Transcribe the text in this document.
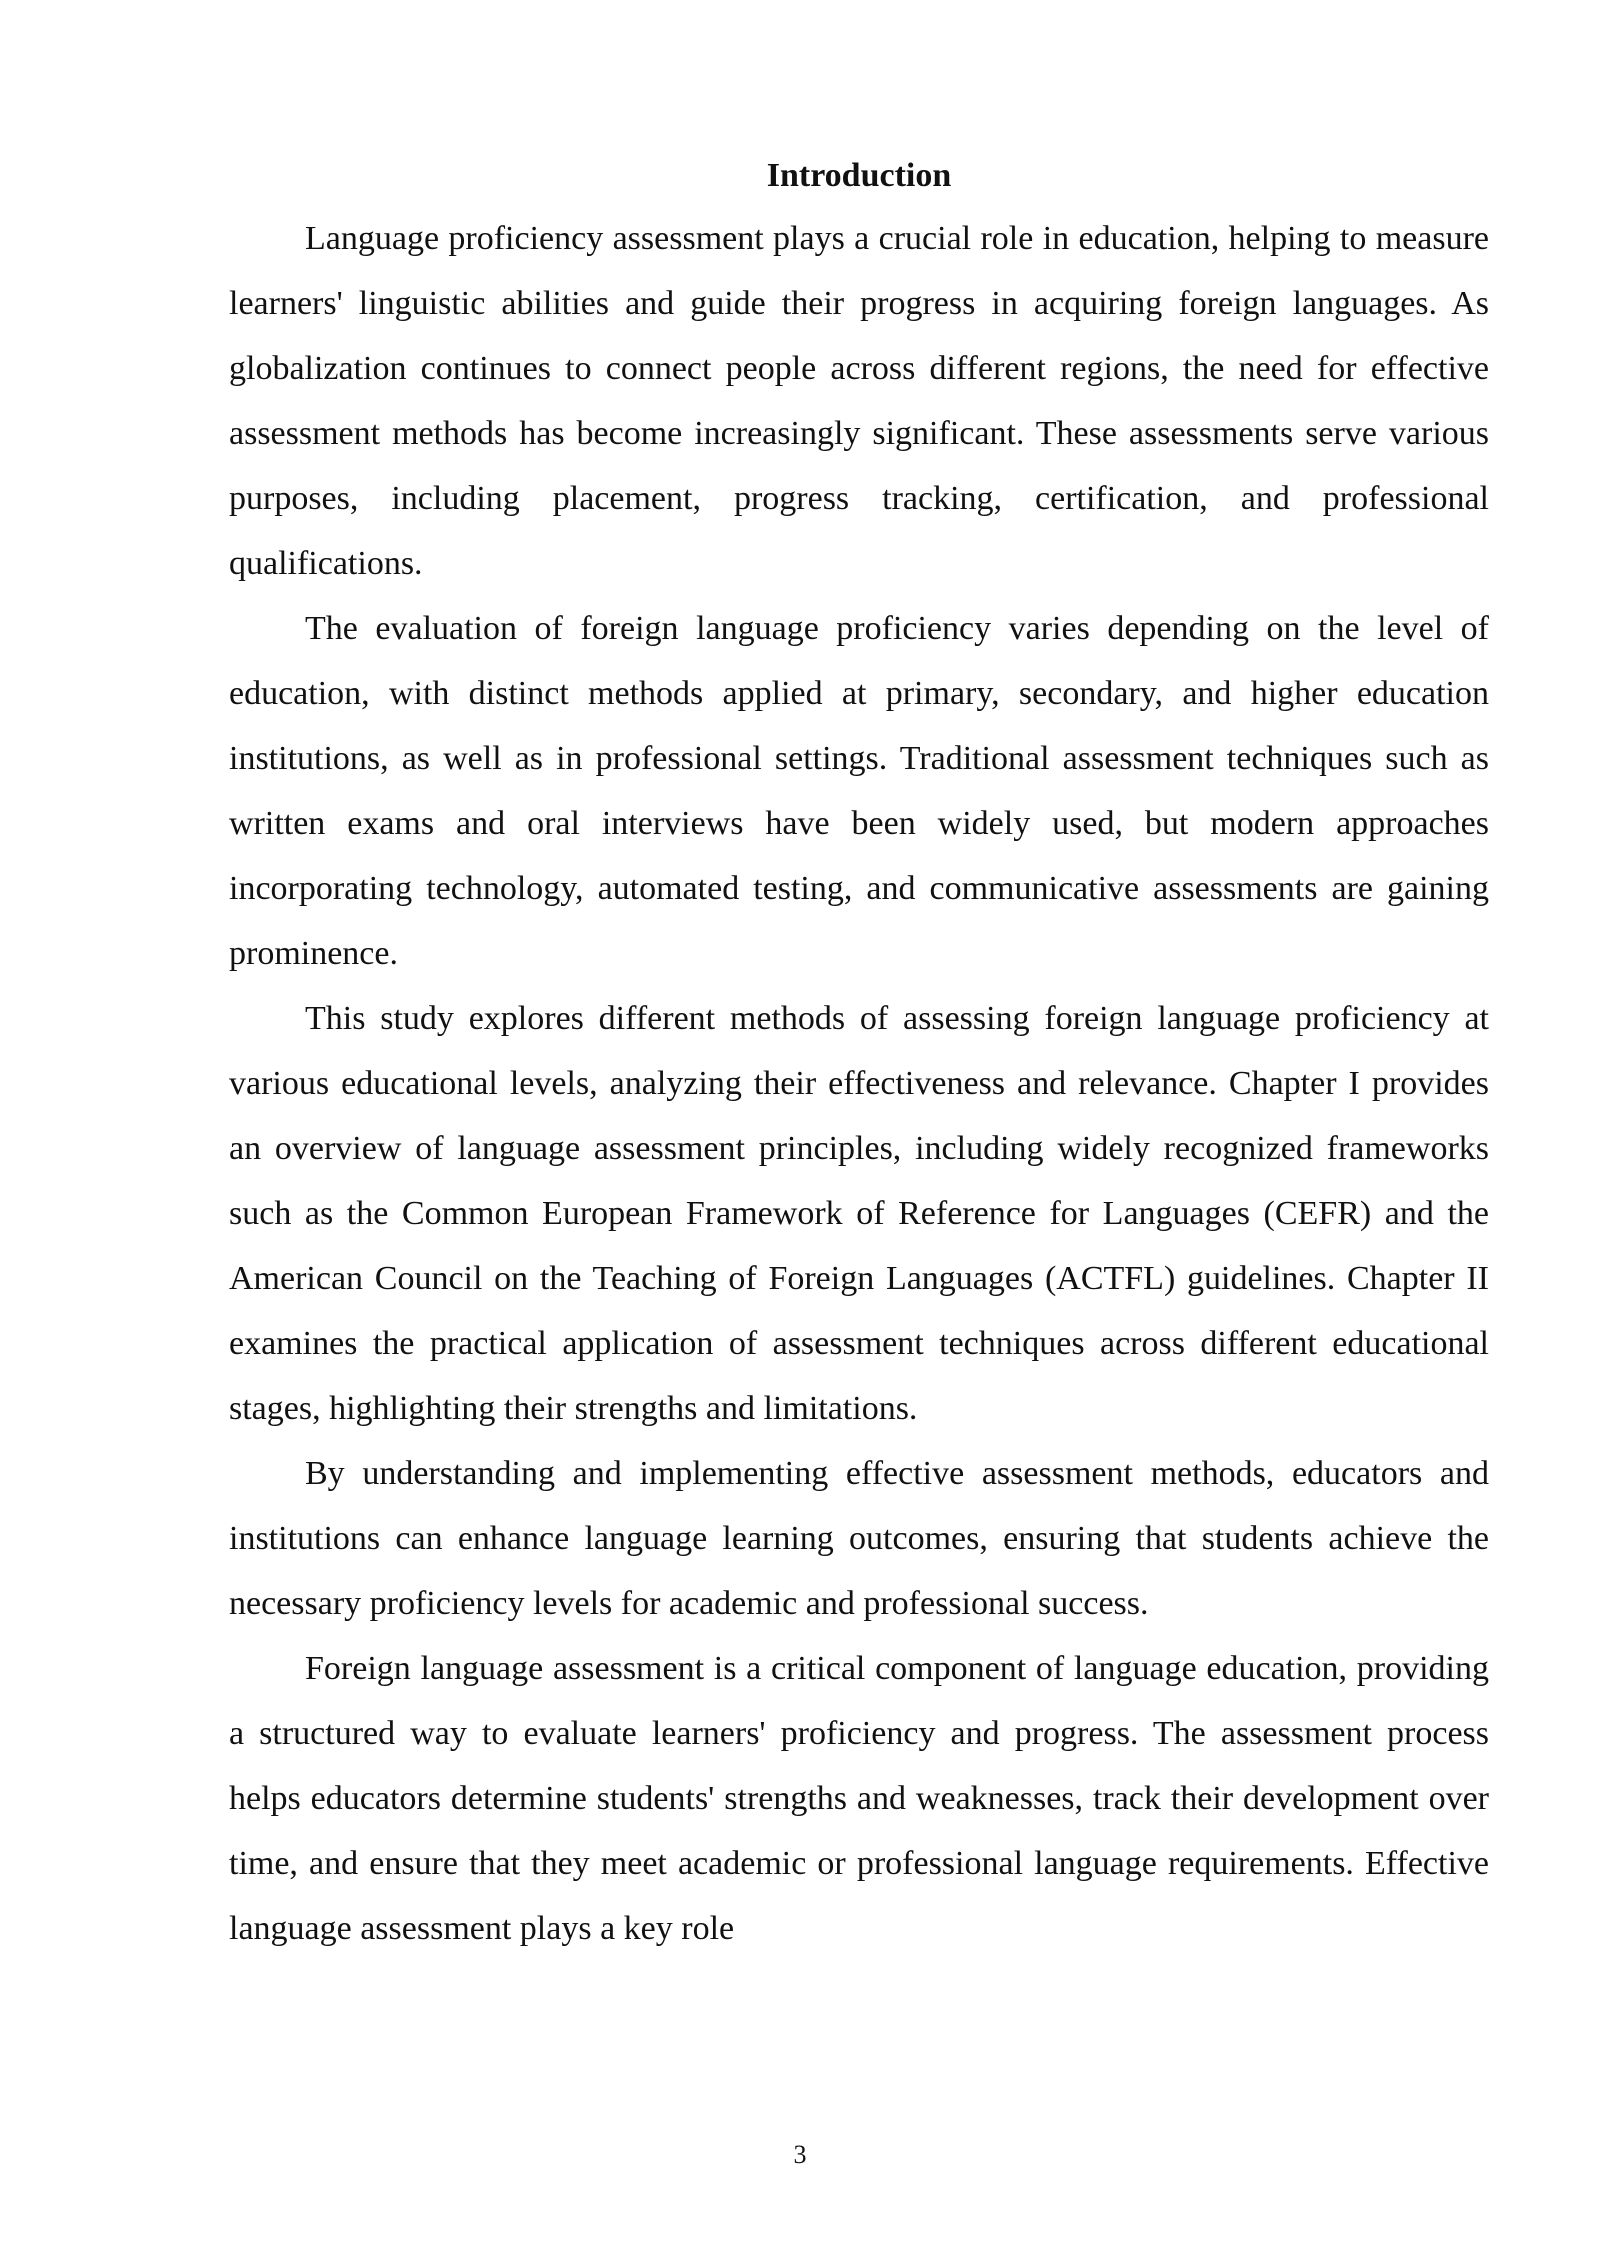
Introduction

Language proficiency assessment plays a crucial role in education, helping to measure learners' linguistic abilities and guide their progress in acquiring foreign languages. As globalization continues to connect people across different regions, the need for effective assessment methods has become increasingly significant. These assessments serve various purposes, including placement, progress tracking, certification, and professional qualifications.

The evaluation of foreign language proficiency varies depending on the level of education, with distinct methods applied at primary, secondary, and higher education institutions, as well as in professional settings. Traditional assessment techniques such as written exams and oral interviews have been widely used, but modern approaches incorporating technology, automated testing, and communicative assessments are gaining prominence.

This study explores different methods of assessing foreign language proficiency at various educational levels, analyzing their effectiveness and relevance. Chapter I provides an overview of language assessment principles, including widely recognized frameworks such as the Common European Framework of Reference for Languages (CEFR) and the American Council on the Teaching of Foreign Languages (ACTFL) guidelines. Chapter II examines the practical application of assessment techniques across different educational stages, highlighting their strengths and limitations.

By understanding and implementing effective assessment methods, educators and institutions can enhance language learning outcomes, ensuring that students achieve the necessary proficiency levels for academic and professional success.

Foreign language assessment is a critical component of language education, providing a structured way to evaluate learners' proficiency and progress. The assessment process helps educators determine students' strengths and weaknesses, track their development over time, and ensure that they meet academic or professional language requirements. Effective language assessment plays a key role

3
